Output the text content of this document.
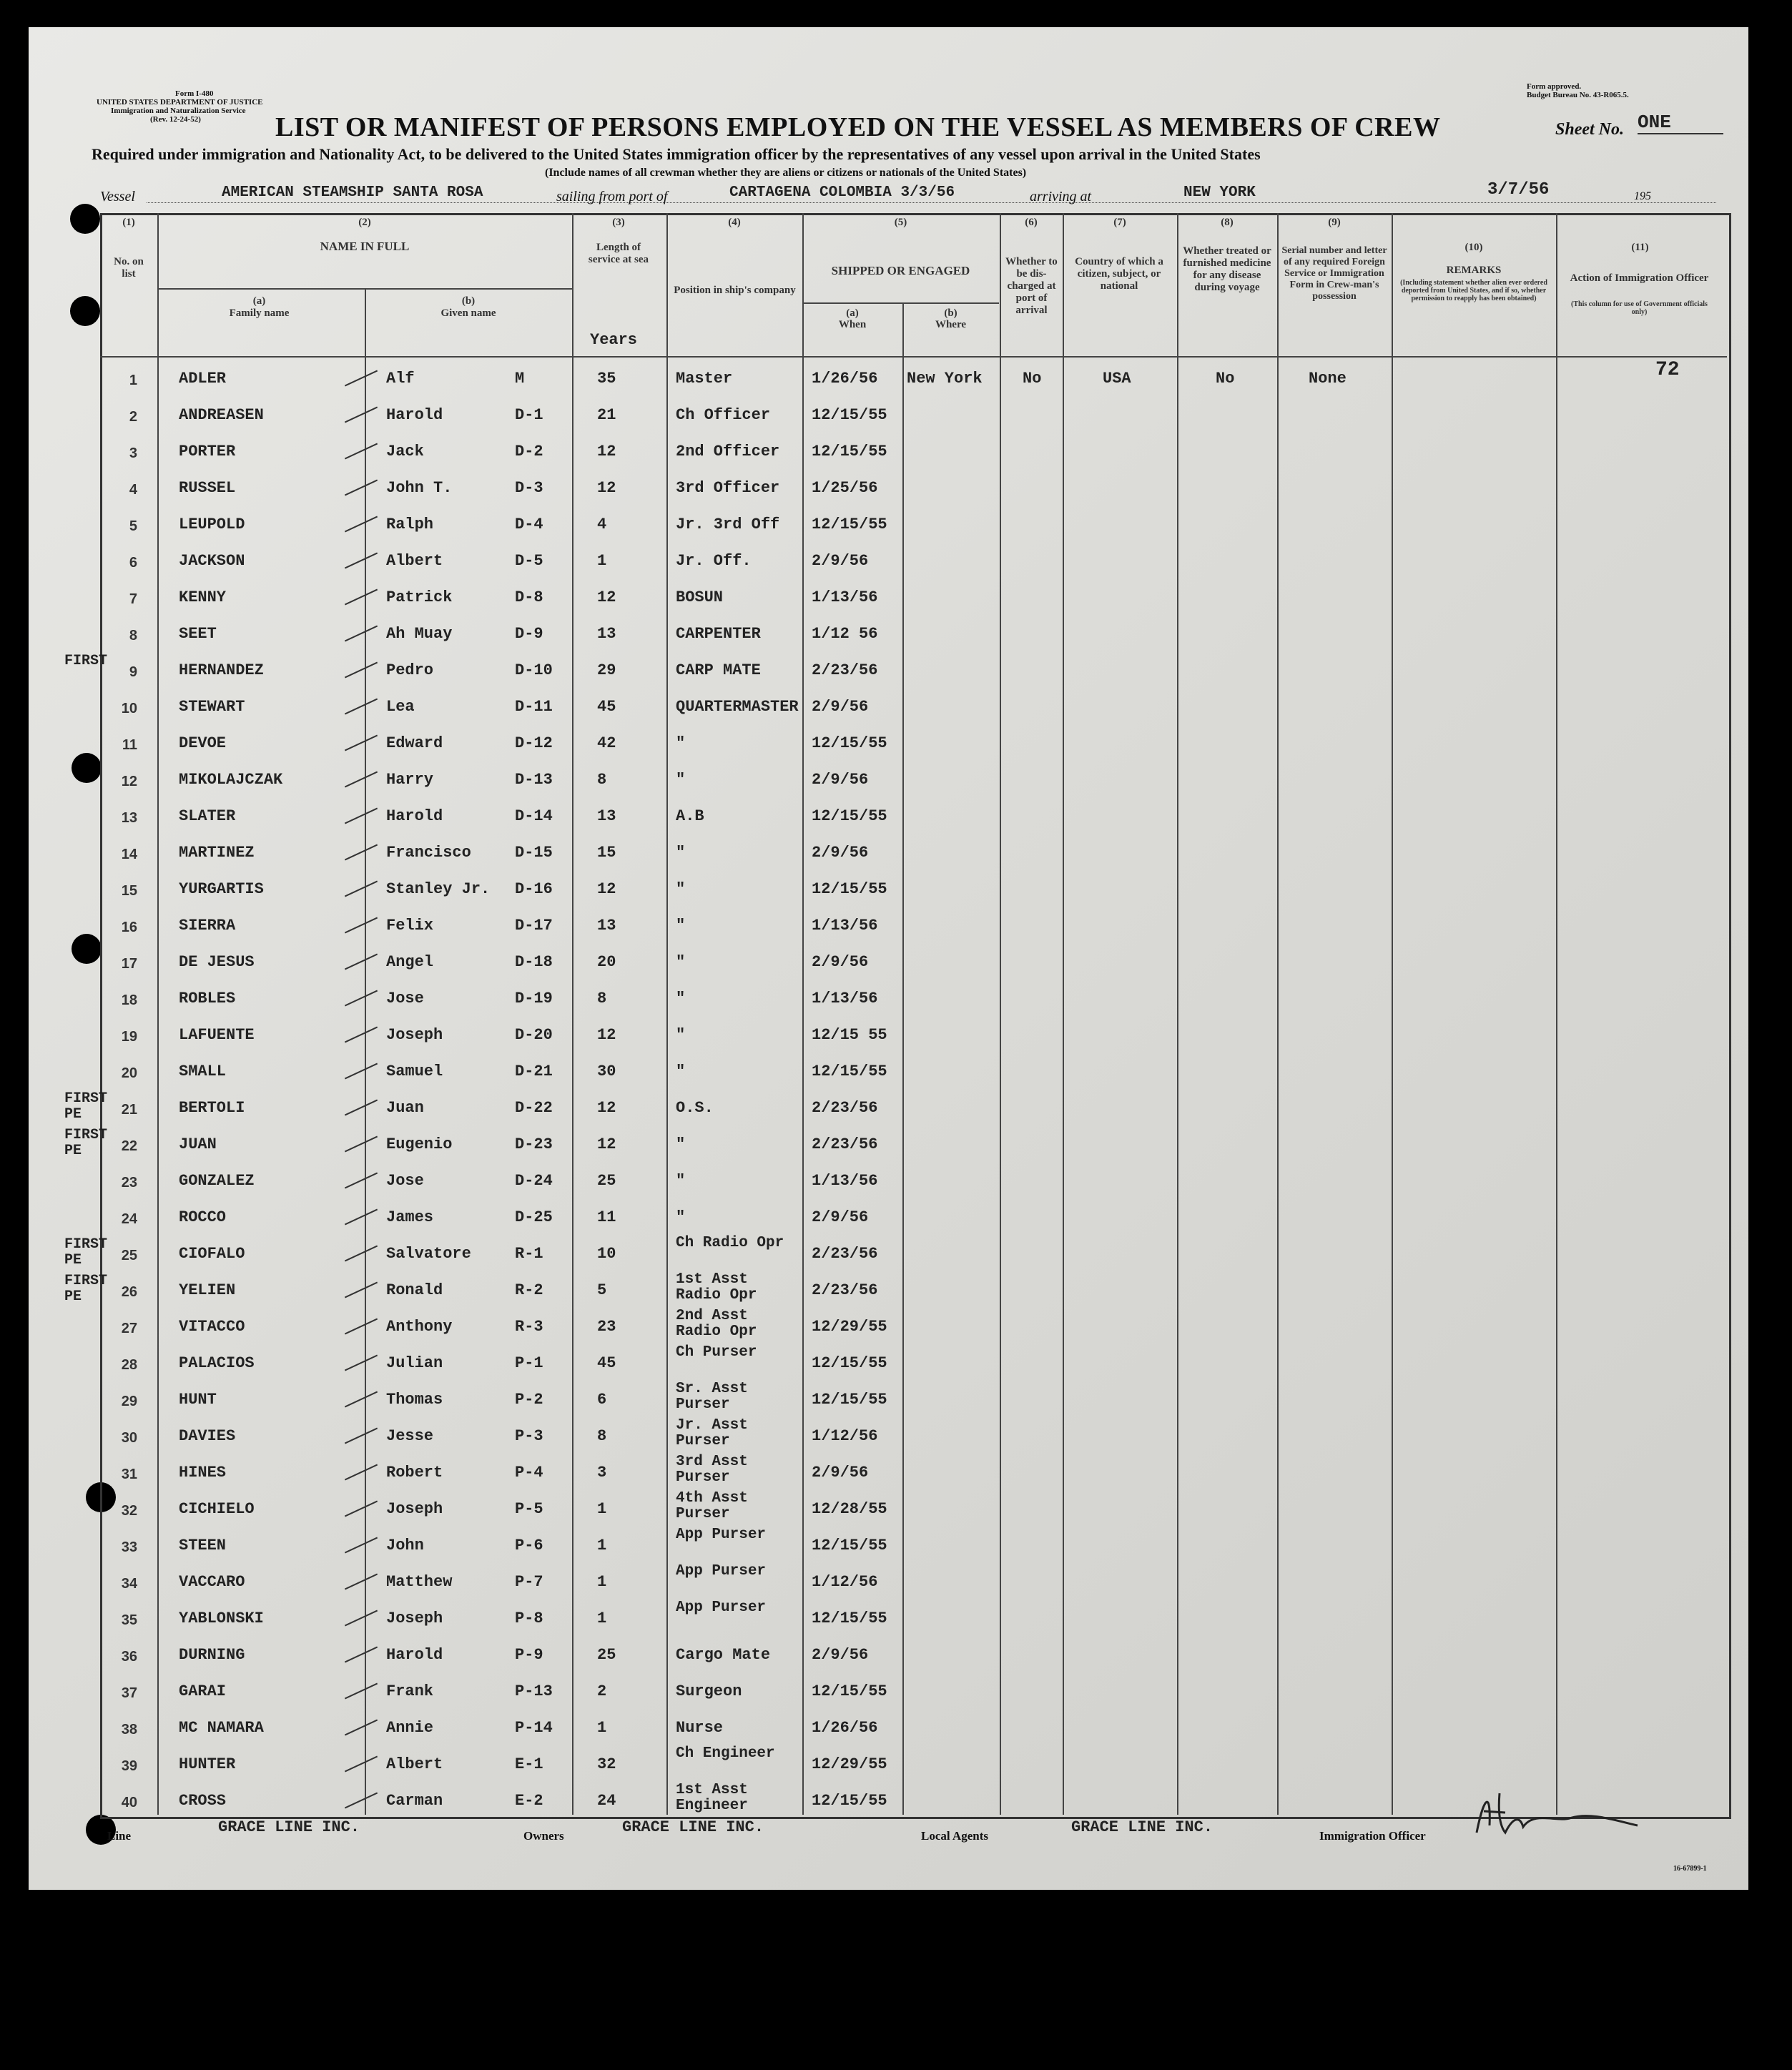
Form I-480
UNITED STATES DEPARTMENT OF JUSTICE
Immigration and Naturalization Service
(Rev. 12-24-52)
Form approved.
Budget Bureau No. 43-R065.5.
LIST OR MANIFEST OF PERSONS EMPLOYED ON THE VESSEL AS MEMBERS OF CREW	Sheet No. ONE
Required under immigration and Nationality Act, to be delivered to the United States immigration officer by the representatives of any vessel upon arrival in the United States
(Include names of all crewman whether they are aliens or citizens or nationals of the United States)
Vessel	AMERICAN STEAMSHIP SANTA ROSA	sailing from port of	CARTAGENA COLOMBIA 3/3/56	arriving at	NEW YORK	3/7/56	195
(1)
No. on list
(2)
NAME IN FULL
(a)
Family name
(b)
Given name
(3)
Length of service at sea
Years
(4)
Position in ship's company
(5)
SHIPPED OR ENGAGED
(a)
When
(b)
Where
(6)
Whether to be dis-charged at port of arrival
(7)
Country of which a citizen, subject, or national
(8)
Whether treated or furnished medicine for any disease during voyage
(9)
Serial number and letter of any required Foreign Service or Immigration Form in Crew-man's possession
(10)
REMARKS
(Including statement whether alien ever ordered deported from United States, and if so, whether permission to reapply has been obtained)
(11)
Action of Immigration Officer
(This column for use of Government officials only)
1	ADLER	Alf	M	35	Master	1/26/56 New York	No	USA	No	None	72
2	ANDREASEN	Harold	D-1	21	Ch Officer	12/15/55
3	PORTER	Jack	D-2	12	2nd Officer 12/15/55
4	RUSSEL	John T.	D-3	12	3rd Officer 1/25/56
5	LEUPOLD	Ralph	D-4	4	Jr. 3rd Off 12/15/55
6	JACKSON	Albert	D-5	1	Jr. Off.	2/9/56
7	KENNY	Patrick	D-8	12	BOSUN	1/13/56
8	SEET	Ah Muay	D-9	13	CARPENTER	1/12 56
9	HERNANDEZ	Pedro	D-10	29	CARP MATE	2/23/56
FIRST
10	STEWART	Lea	D-11	45	QUARTERMASTER 2/9/56
11	DEVOE	Edward	D-12	42	"	12/15/55
12	MIKOLAJCZAK	Harry	D-13	8	"	2/9/56
13	SLATER	Harold	D-14	13	A.B	12/15/55
14	MARTINEZ	Francisco	D-15	15	"	2/9/56
15	YURGARTIS	Stanley Jr. D-16	12	"	12/15/55
16	SIERRA	Felix	D-17	13	"	1/13/56
17	DE JESUS	Angel	D-18	20	"	2/9/56
18	ROBLES	Jose	D-19	8	"	1/13/56
19	LAFUENTE	Joseph	D-20	12	"	12/15 55
20	SMALL	Samuel	D-21	30	"	12/15/55
21	BERTOLI	Juan	D-22	12	O.S.	2/23/56
FIRST PE
22	JUAN	Eugenio	D-23	12	"	2/23/56
FIRST PE
23	GONZALEZ	Jose	D-24	25	"	1/13/56
24	ROCCO	James	D-25	11	"	2/9/56
25	CIOFALO	Salvatore	R-1	10
Ch Radio Opr
2/23/56
FIRST PE
26	YELIEN	Ronald	R-2	5
1st Asst Radio Opr	2/23/56
FIRST PE
27	VITACCO	Anthony	R-3	23
2nd Asst Radio Opr	12/29/55
28	PALACIOS	Julian	P-1	45
Ch Purser
12/15/55
29	HUNT	Thomas	P-2	6
Sr. Asst Purser	12/15/55
30	DAVIES	Jesse	P-3	8
Jr. Asst Purser	1/12/56
31	HINES	Robert	P-4	3
3rd Asst Purser	2/9/56
32	CICHIELO	Joseph	P-5	1
4th Asst Purser	12/28/55
33	STEEN	John	P-6	1
App Purser
12/15/55
34	VACCARO	Matthew	P-7	1
App Purser
1/12/56
35	YABLONSKI	Joseph	P-8	1
App Purser
12/15/55
36	DURNING	Harold	P-9	25	Cargo Mate	2/9/56
37	GARAI	Frank	P-13	2	Surgeon	12/15/55
38	MC NAMARA	Annie	P-14	1	Nurse	1/26/56
39	HUNTER	Albert	E-1	32
Ch Engineer
12/29/55
40	CROSS	Carman	E-2	24
1st Asst Engineer	12/15/55
Line	GRACE LINE INC.	Owners	GRACE LINE INC.	Local Agents	GRACE LINE INC.	Immigration Officer
16-67899-1
